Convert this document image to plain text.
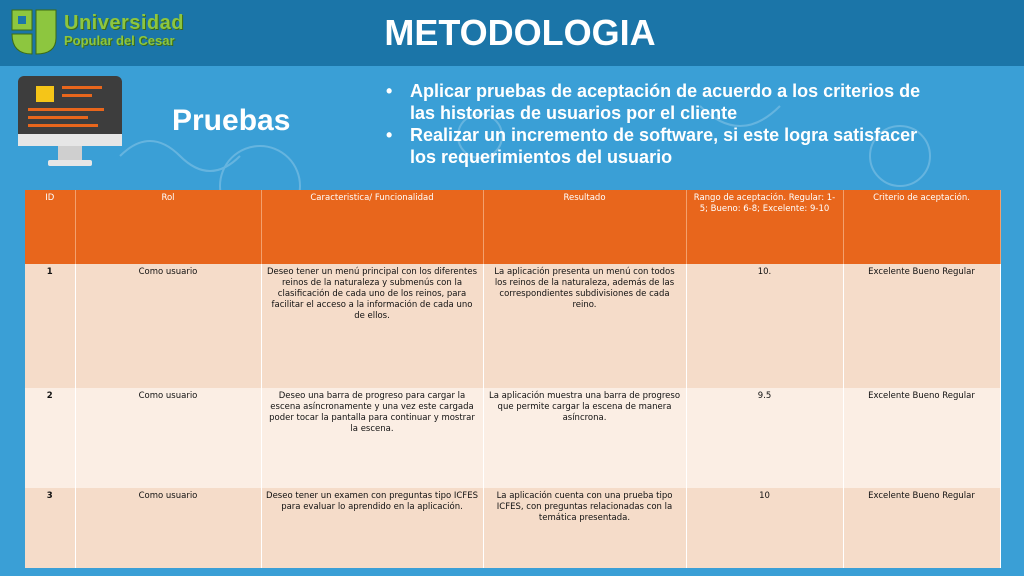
Universidad
Popular del Cesar	METODOLOGIA
Pruebas
• Aplicar pruebas de aceptación de acuerdo a los criterios de las historias de usuarios por el cliente
• Realizar un incremento de software, si este logra satisfacer los requerimientos del usuario
ID	Rol	Caracteristica/ Funcionalidad	Resultado	Rango de aceptación. Regular: 1-5; Bueno: 6-8; Excelente: 9-10	Criterio de aceptación.
1	Como usuario	Deseo tener un menú principal con los diferentes reinos de la naturaleza y submenús con la clasificación de cada uno de los reinos, para facilitar el acceso a la información de cada uno de ellos.	La aplicación presenta un menú con todos los reinos de la naturaleza, además de las correspondientes subdivisiones de cada reino.	10.	Excelente Bueno Regular
2	Como usuario	Deseo una barra de progreso para cargar la escena asíncronamente y una vez este cargada poder tocar la pantalla para continuar y mostrar la escena.	La aplicación muestra una barra de progreso que permite cargar la escena de manera asíncrona.	9.5	Excelente Bueno Regular
3	Como usuario	Deseo tener un examen con preguntas tipo ICFES para evaluar lo aprendido en la aplicación.	La aplicación cuenta con una prueba tipo ICFES, con preguntas relacionadas con la temática presentada.	10	Excelente Bueno Regular
